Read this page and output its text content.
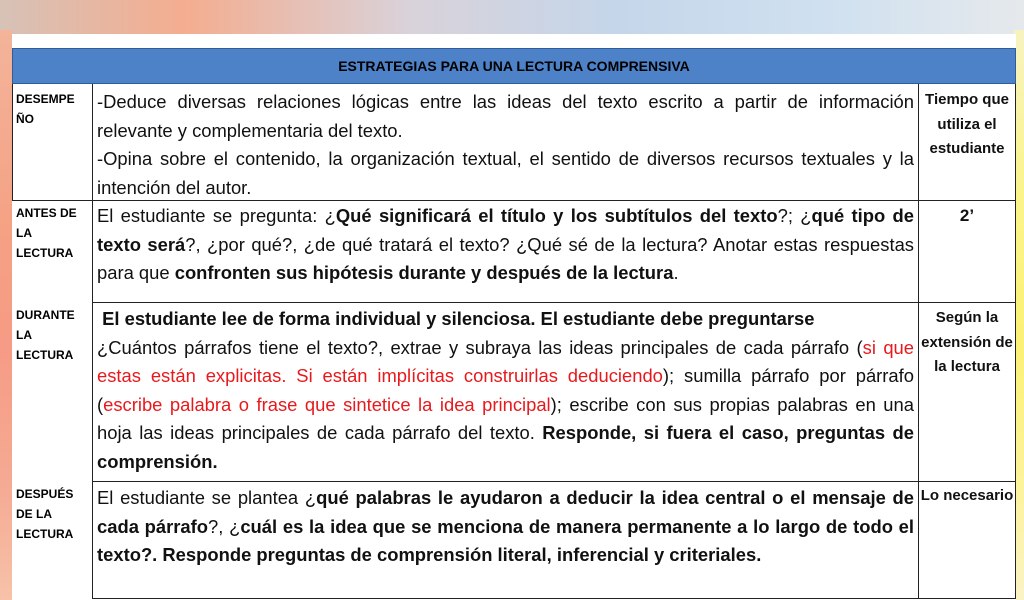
ESTRATEGIAS PARA UNA LECTURA COMPRENSIVA
DESEMPE
ÑO
ANTES DE LA LECTURA
DURANTE LA LECTURA
DESPUÉS DE LA LECTURA

-Deduce diversas relaciones lógicas entre las ideas del texto escrito a partir de información relevante y complementaria del texto.

-Opina sobre el contenido, la organización textual, el sentido de diversos recursos textuales y la intención del autor.

Tiempo que utiliza el estudiante
El estudiante se pregunta: ¿Qué significará el título y los subtítulos del texto?; ¿qué tipo de texto será?, ¿por qué?, ¿de qué tratará el texto? ¿Qué sé de la lectura? Anotar estas respuestas para que confronten sus hipótesis durante y después de la lectura.
2’

El estudiante lee de forma individual y silenciosa. El estudiante debe preguntarse

¿Cuántos párrafos tiene el texto?, extrae y subraya las ideas principales de cada párrafo (si que estas están explicitas. Si están implícitas construirlas deduciendo); sumilla párrafo por párrafo (escribe palabra o frase que sintetice la idea principal); escribe con sus propias palabras en una hoja las ideas principales de cada párrafo del texto. Responde, si fuera el caso, preguntas de comprensión.

Según la extensión de la lectura
El estudiante se plantea ¿qué palabras le ayudaron a deducir la idea central o el mensaje de cada párrafo?, ¿cuál es la idea que se menciona de manera permanente a lo largo de todo el texto?. Responde preguntas de comprensión literal, inferencial y criteriales.
Lo necesario
